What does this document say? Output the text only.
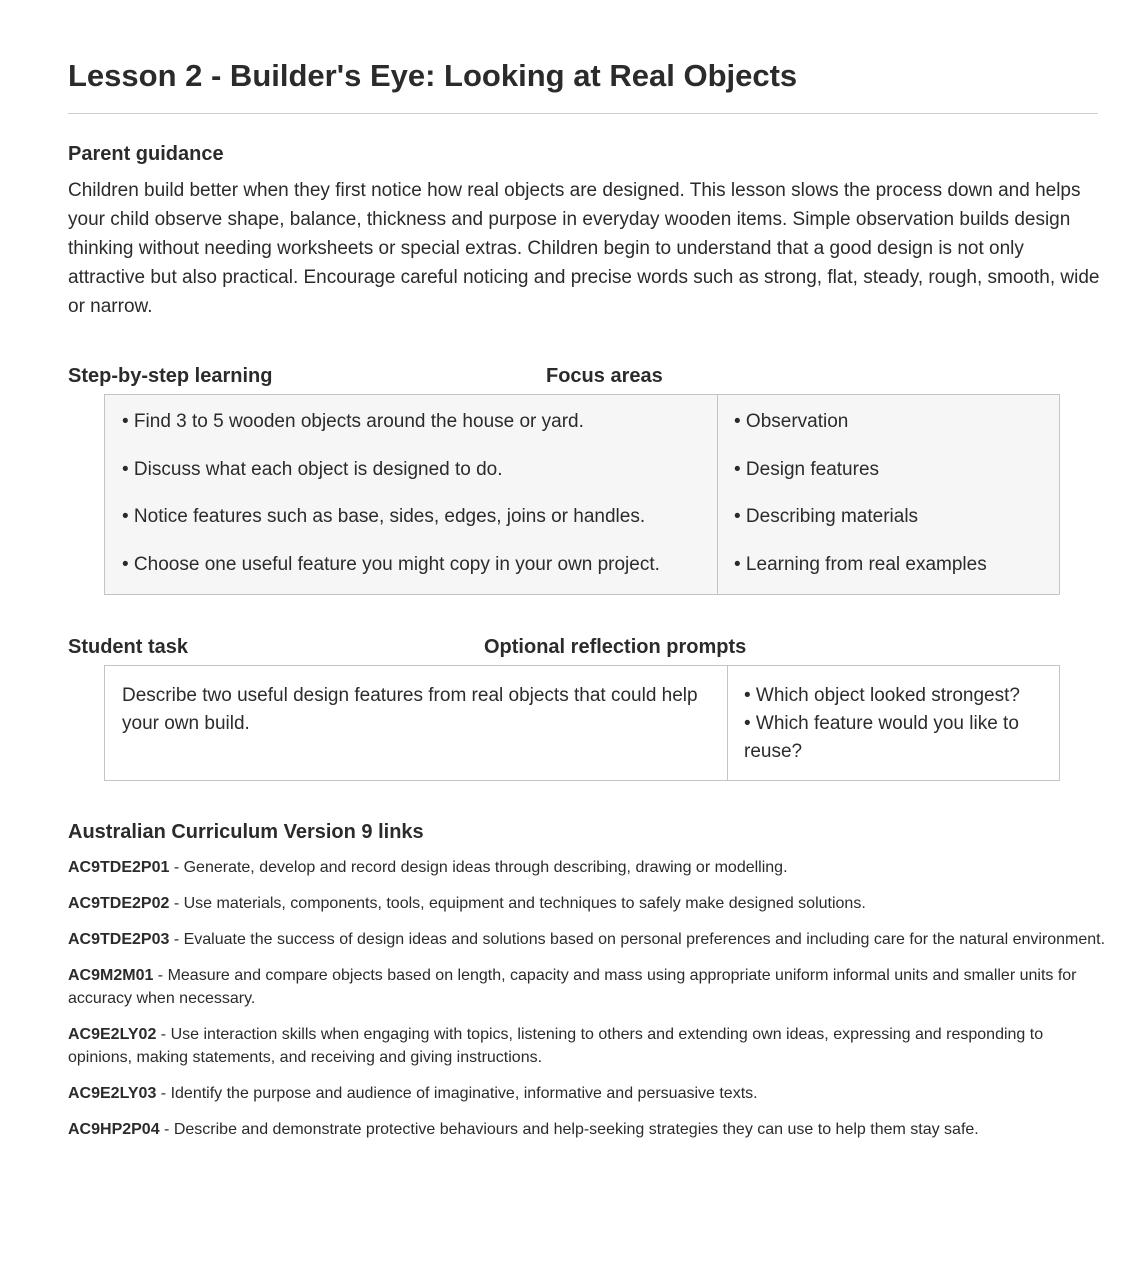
Lesson 2 - Builder's Eye: Looking at Real Objects
Parent guidance

Children build better when they first notice how real objects are designed. This lesson slows the process down and helps your child observe shape, balance, thickness and purpose in everyday wooden items. Simple observation builds design thinking without needing worksheets or special extras. Children begin to understand that a good design is not only attractive but also practical. Encourage careful noticing and precise words such as strong, flat, steady, rough, smooth, wide or narrow.

Step-by-step learning	Focus areas
• Find 3 to 5 wooden objects around the house or yard.
• Discuss what each object is designed to do.
• Notice features such as base, sides, edges, joins or handles.
• Choose one useful feature you might copy in your own project.
• Observation
• Design features
• Describing materials
• Learning from real examples
Student task	Optional reflection prompts

Describe two useful design features from real objects that could help your own build.

• Which object looked strongest?
• Which feature would you like to reuse?
Australian Curriculum Version 9 links

AC9TDE2P01 - Generate, develop and record design ideas through describing, drawing or modelling.

AC9TDE2P02 - Use materials, components, tools, equipment and techniques to safely make designed solutions.

AC9TDE2P03 - Evaluate the success of design ideas and solutions based on personal preferences and including care for the natural environment.

AC9M2M01 - Measure and compare objects based on length, capacity and mass using appropriate uniform informal units and smaller units for accuracy when necessary.

AC9E2LY02 - Use interaction skills when engaging with topics, listening to others and extending own ideas, expressing and responding to opinions, making statements, and receiving and giving instructions.

AC9E2LY03 - Identify the purpose and audience of imaginative, informative and persuasive texts.

AC9HP2P04 - Describe and demonstrate protective behaviours and help-seeking strategies they can use to help them stay safe.
